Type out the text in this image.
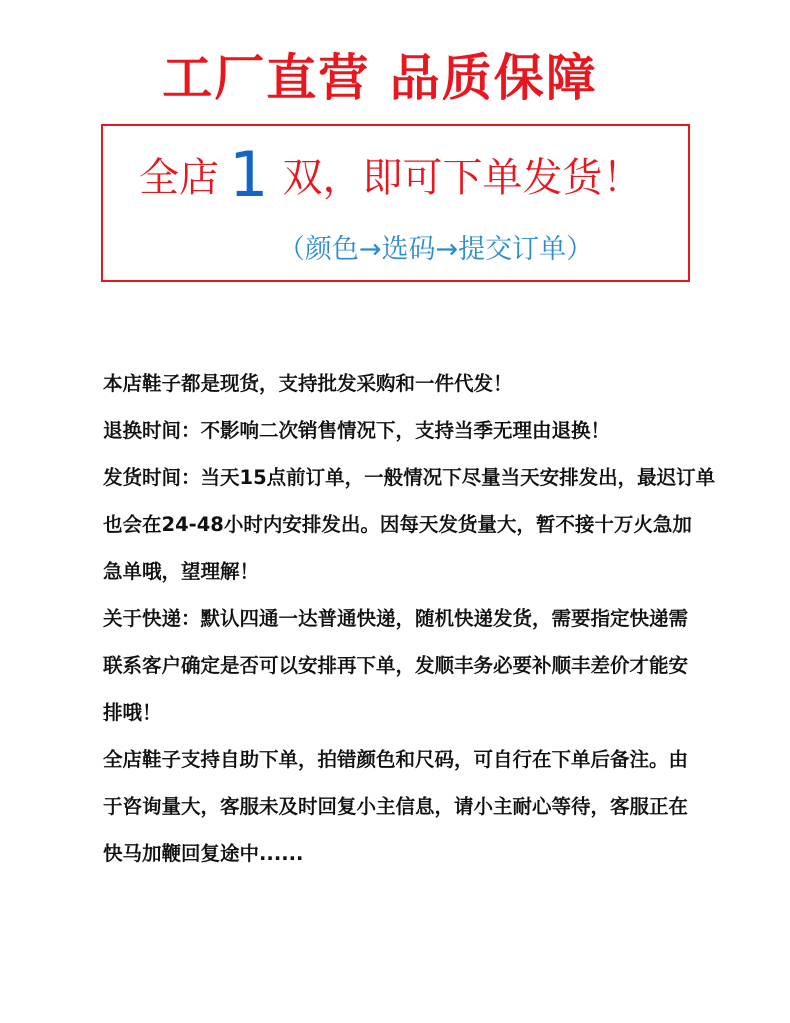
工厂直营 品质保障
全店 1 双，即可下单发货！
（颜色→选码→提交订单）
本店鞋子都是现货，支持批发采购和一件代发！
退换时间：不影响二次销售情况下，支持当季无理由退换！
发货时间：当天15点前订单，一般情况下尽量当天安排发出，最迟订单
也会在24-48小时内安排发出。因每天发货量大，暂不接十万火急加
急单哦，望理解！
关于快递：默认四通一达普通快递，随机快递发货，需要指定快递需
联系客户确定是否可以安排再下单，发顺丰务必要补顺丰差价才能安
排哦！
全店鞋子支持自助下单，拍错颜色和尺码，可自行在下单后备注。由
于咨询量大，客服未及时回复小主信息，请小主耐心等待，客服正在
快马加鞭回复途中......
